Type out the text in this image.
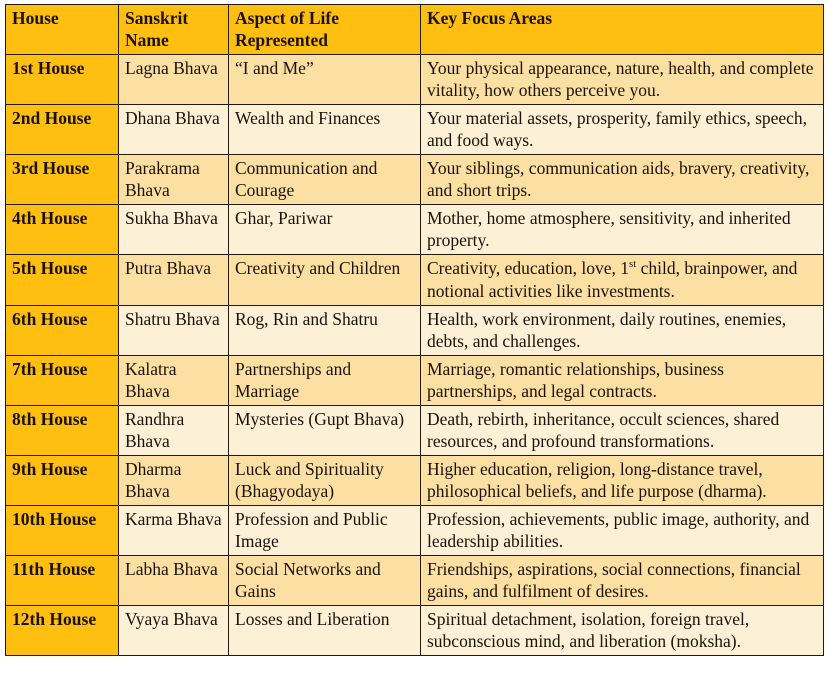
House	Sanskrit Name	Aspect of Life Represented	Key Focus Areas
1st House	Lagna Bhava	“I and Me”	Your physical appearance, nature, health, and complete vitality, how others perceive you.
2nd House	Dhana Bhava	Wealth and Finances	Your material assets, prosperity, family ethics, speech, and food ways.
3rd House	Parakrama Bhava	Communication and Courage	Your siblings, communication aids, bravery, creativity, and short trips.
4th House	Sukha Bhava	Ghar, Pariwar	Mother, home atmosphere, sensitivity, and inherited property.
5th House	Putra Bhava	Creativity and Children	Creativity, education, love, 1st child, brainpower, and notional activities like investments.
6th House	Shatru Bhava	Rog, Rin and Shatru	Health, work environment, daily routines, enemies, debts, and challenges.
7th House	Kalatra Bhava	Partnerships and Marriage	Marriage, romantic relationships, business partnerships, and legal contracts.
8th House	Randhra Bhava	Mysteries (Gupt Bhava)	Death, rebirth, inheritance, occult sciences, shared resources, and profound transformations.
9th House	Dharma Bhava	Luck and Spirituality (Bhagyodaya)	Higher education, religion, long-distance travel, philosophical beliefs, and life purpose (dharma).
10th House	Karma Bhava	Profession and Public Image	Profession, achievements, public image, authority, and leadership abilities.
11th House	Labha Bhava	Social Networks and Gains	Friendships, aspirations, social connections, financial gains, and fulfilment of desires.
12th House	Vyaya Bhava	Losses and Liberation	Spiritual detachment, isolation, foreign travel, subconscious mind, and liberation (moksha).
